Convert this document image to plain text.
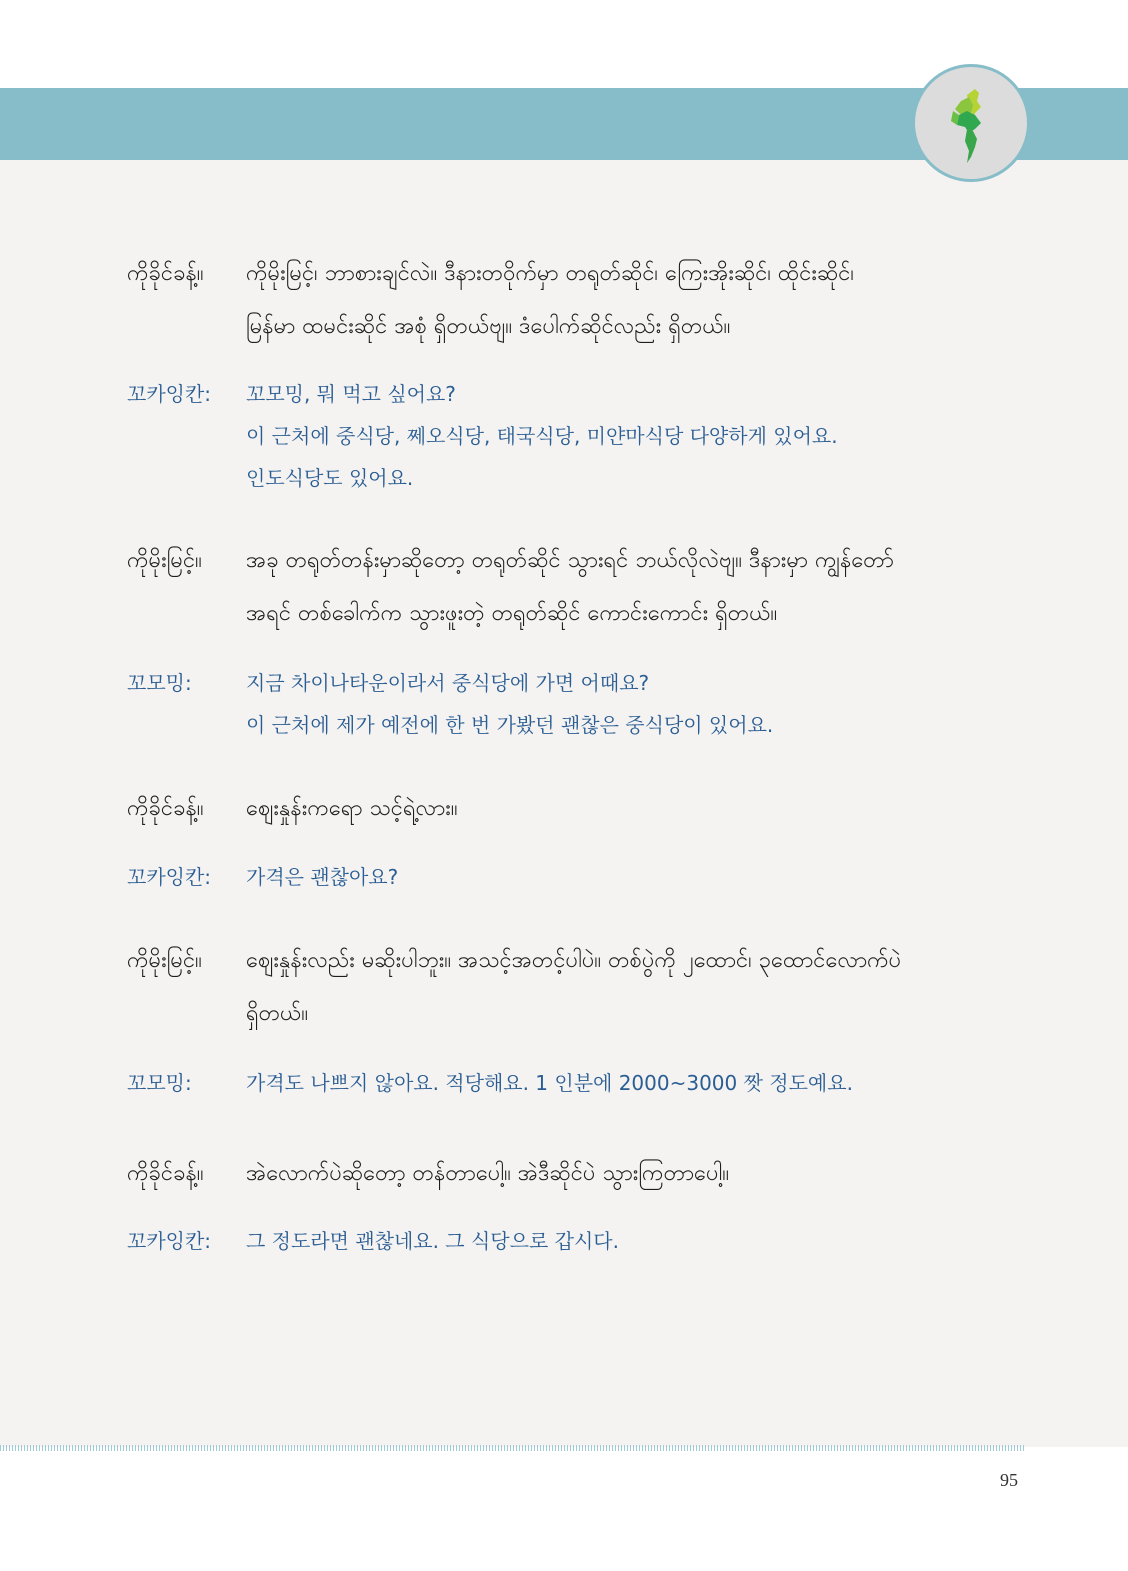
ကိုခိုင်ခန့်။ ကိုမိုးမြင့်၊ ဘာစားချင်လဲ။ ဒီနားတဝိုက်မှာ တရုတ်ဆိုင်၊ ကြေးအိုးဆိုင်၊ ထိုင်းဆိုင်၊
မြန်မာ ထမင်းဆိုင် အစုံ ရှိတယ်ဗျ။ ဒံပေါက်ဆိုင်လည်း ရှိတယ်။
꼬카잉칸: 꼬모밍, 뭐 먹고 싶어요?
이 근처에 중식당, 쩨오식당, 태국식당, 미얀마식당 다양하게 있어요.
인도식당도 있어요.
ကိုမိုးမြင့်။ အခု တရုတ်တန်းမှာဆိုတော့ တရုတ်ဆိုင် သွားရင် ဘယ်လိုလဲဗျ။ ဒီနားမှာ ကျွန်တော်
အရင် တစ်ခေါက်က သွားဖူးတဲ့ တရုတ်ဆိုင် ကောင်းကောင်း ရှိတယ်။
꼬모밍:	지금 차이나타운이라서 중식당에 가면 어때요?
이 근처에 제가 예전에 한 번 가봤던 괜찮은 중식당이 있어요.
ကိုခိုင်ခန့်။ ဈေးနှုန်းကရော သင့်ရဲ့လား။
꼬카잉칸: 가격은 괜찮아요?
ကိုမိုးမြင့်။ ဈေးနှုန်းလည်း မဆိုးပါဘူး။ အသင့်အတင့်ပါပဲ။ တစ်ပွဲကို ၂ထောင်၊ ၃ထောင်လောက်ပဲ
ရှိတယ်။
꼬모밍:	가격도 나쁘지 않아요. 적당해요. 1 인분에 2000~3000 짯 정도예요.
ကိုခိုင်ခန့်။ အဲလောက်ပဲဆိုတော့ တန်တာပေါ့။ အဲဒီဆိုင်ပဲ သွားကြတာပေါ့။
꼬카잉칸: 그 정도라면 괜찮네요. 그 식당으로 갑시다.
95
